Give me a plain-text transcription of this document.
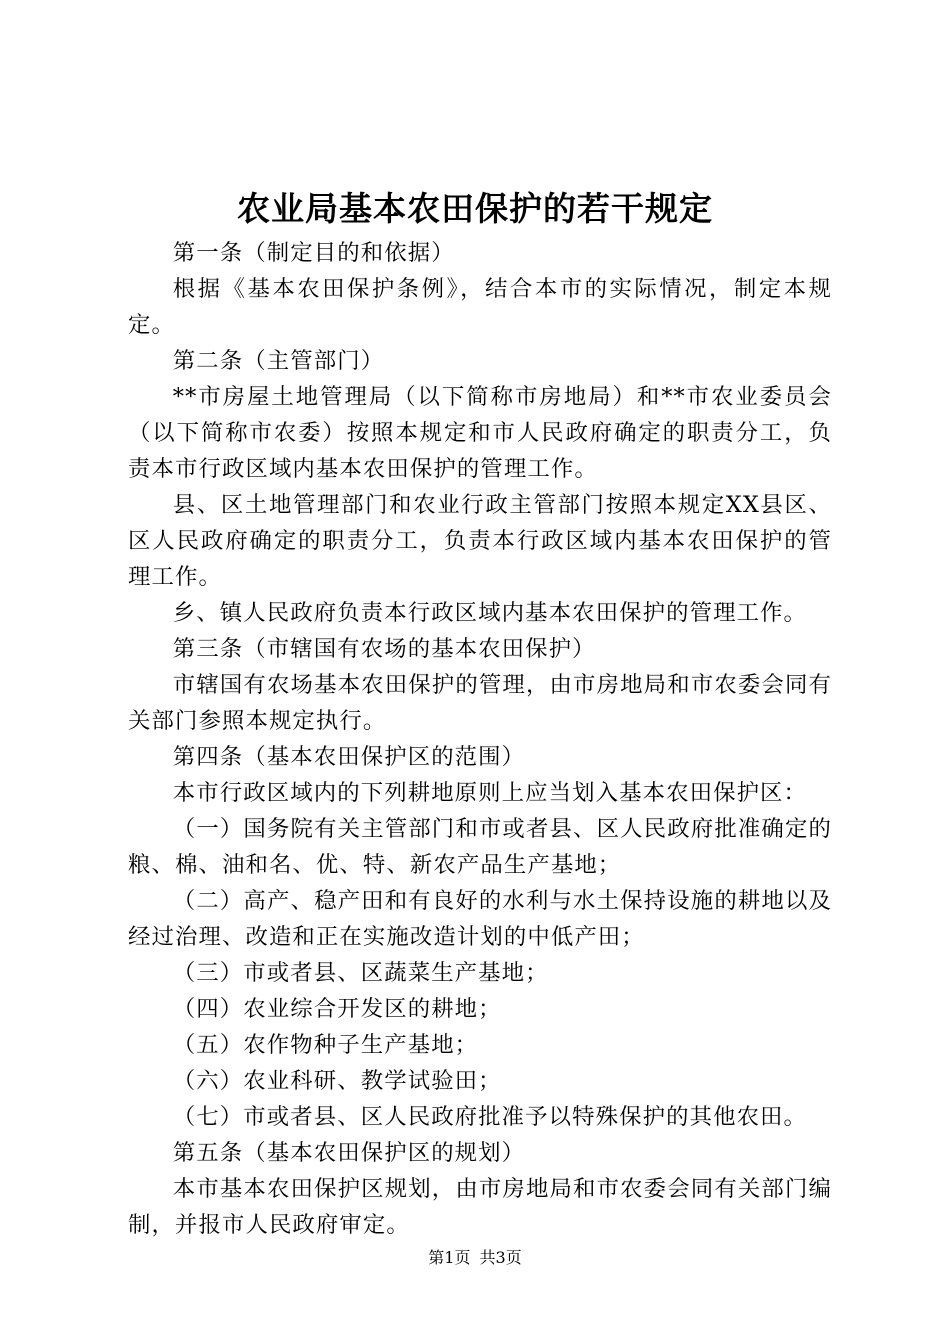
农业局基本农田保护的若干规定

第一条（制定目的和依据）

根据《基本农田保护条例》，结合本市的实际情况，制定本规定。

第二条（主管部门）

**市房屋土地管理局（以下简称市房地局）和**市农业委员会（以下简称市农委）按照本规定和市人民政府确定的职责分工，负责本市行政区域内基本农田保护的管理工作。

县、区土地管理部门和农业行政主管部门按照本规定XX县区、区人民政府确定的职责分工，负责本行政区域内基本农田保护的管理工作。

乡、镇人民政府负责本行政区域内基本农田保护的管理工作。

第三条（市辖国有农场的基本农田保护）

市辖国有农场基本农田保护的管理，由市房地局和市农委会同有关部门参照本规定执行。

第四条（基本农田保护区的范围）

本市行政区域内的下列耕地原则上应当划入基本农田保护区：

（一）国务院有关主管部门和市或者县、区人民政府批准确定的粮、棉、油和名、优、特、新农产品生产基地；

（二）高产、稳产田和有良好的水利与水土保持设施的耕地以及经过治理、改造和正在实施改造计划的中低产田；

（三）市或者县、区蔬菜生产基地；

（四）农业综合开发区的耕地；

（五）农作物种子生产基地；

（六）农业科研、教学试验田；

（七）市或者县、区人民政府批准予以特殊保护的其他农田。

第五条（基本农田保护区的规划）

本市基本农田保护区规划，由市房地局和市农委会同有关部门编制，并报市人民政府审定。

第1页 共3页
